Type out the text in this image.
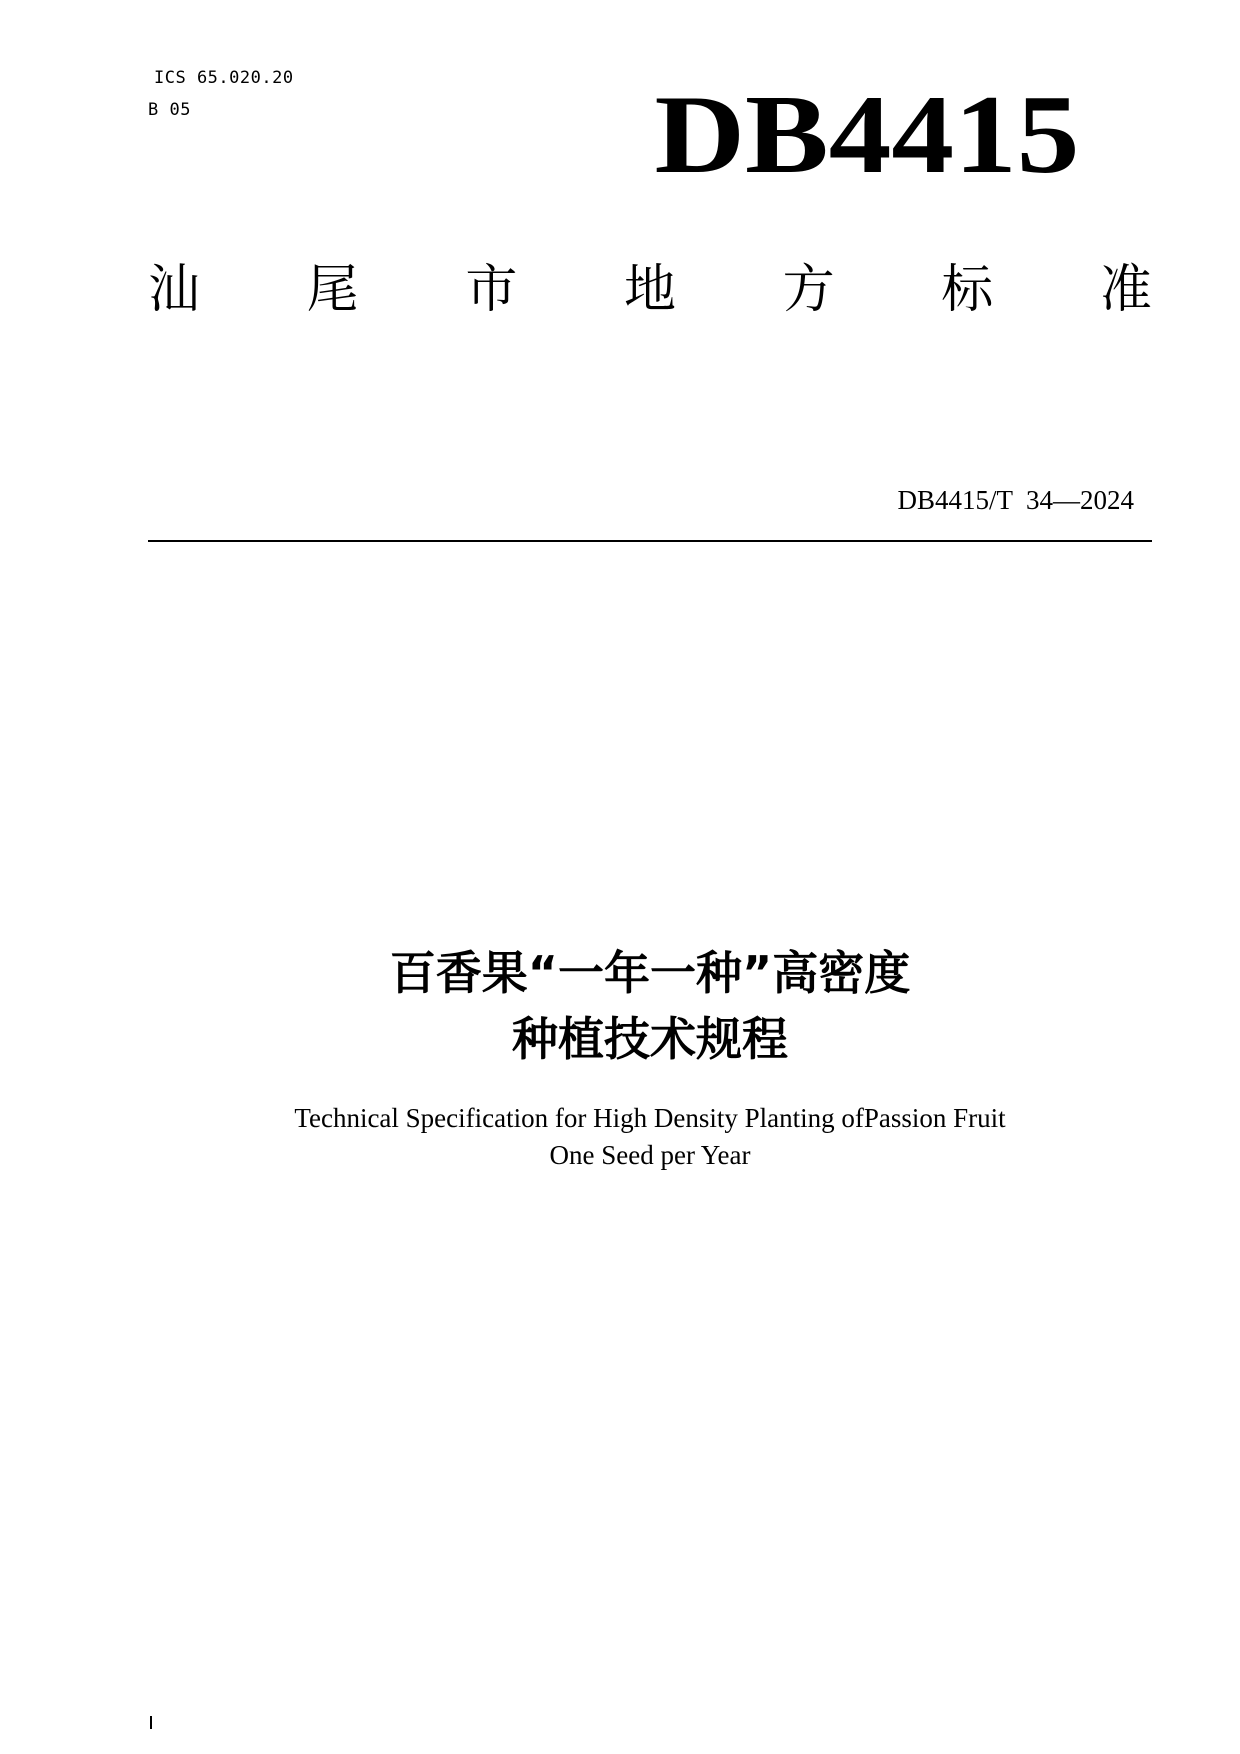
ICS 65.020.20
B 05	DB4415
汕 尾 市 地 方 标 准
DB4415/T  34—2024
百香果“一年一种”高密度
种植技术规程
Technical Specification for High Density Planting ofPassion Fruit
One Seed per Year
